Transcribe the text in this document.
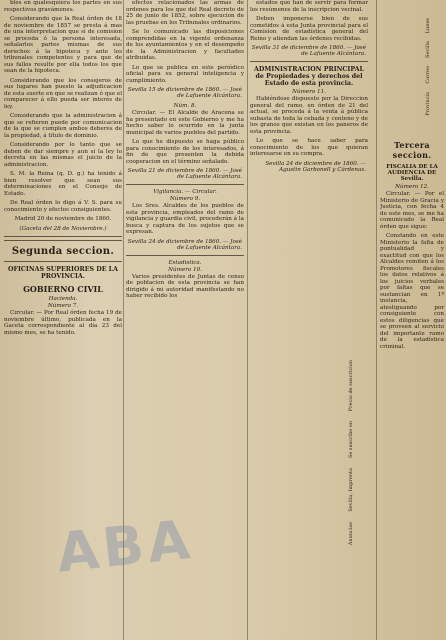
bles en qualesquiera los partes en sus respectivos gravámenes.

Considerando que la Real órden de 18 de noviembre de 1857 se presta á mas de una interpretacion que si de comision se proceda ó la persona interesada, señalarlos partes mismas de sus derechos á la hipoteca y ante los tribunales competentes y para que de sus fallos resulte por ella todos los que sean de la hipoteca.

Considerando que los consejeros de sus lugares han puesto la adjudicacion de esta suerte en que se realizan ó que el comparecer á ello pueda ser interés de ley.

Considerando que la administracion á que se refieren puede por comunicacion de la que se cumplen ambos deberes de la propiedad, á título de dominio.

Considerando por lo tanto que se deben de dar siempre y aun si la ley lo decreta en las mismas el juicio de la administracion.

S. M. la Reina (q. D. g.) ha tenido á bien resolver que sean sus determinaciones en el Consejo de Estado.

De Real órden lo digo á V. S. para su conocimiento y efectos consiguientes.

Madrid 20 de noviembre de 1860.
(Gaceta del 28 de Noviembre.)
Segunda seccion.
OFICINAS SUPERIORES DE LA PROVINCIA.
GOBIERNO CIVIL
Hacienda.
Número 7.

Circular. — Por Real órden fecha 19 de noviembre último, publicada en la Gaceta correspondiente al día 23 del mismo mes, se ha tenido.

efectos relacionados las armas de ordenes para los que del Real decreto de 25 de junio de 1852, sobre ejecucion de las pruebas en los Tribunales ordinarios.

Se lo comunicado las disposiciones comprendidas en la vigente ordenanza de los ayuntamientos y en el desempeño de la Administracion y facultades atribuidas.

Lo que se publica en este periódico oficial para su general inteligencia y cumplimiento.

Sevilla 15 de diciembre de 1860. — José de Lafuente Alcántara.
Núm. 8.

Circular. — El Alcalde de Aracena se ha presentado en este Gobierno y me ha hecho saber lo ocurrido en la junta municipal de varios pueblos del partido.

Lo que he dispuesto se haga público para conocimiento de los interesados, á fin de que presenten la debida cooperacion en el término señalado.

Sevilla 21 de diciembre de 1860. — José de Lafuente Alcántara.
Vigilancia. — Circular.
Número 9.

Los Sres. Alcaldes de los pueblos de esta provincia, empleados del ramo de vigilancia y guardia civil, procederán á la busca y captura de los sujetos que se expresan.

Sevilla 24 de diciembre de 1860. — José de Lafuente Alcántara.
Estadistica.
Número 10.

Varios presidentes de Juntas de censo de poblacion de esta provincia se han dirigido á mi autoridad manifestando no haber recibido los

estados que han de servir para formar los resúmenes de la inscripcion vecinal.

Deben imponerse bien de sus cometidos á esta Junta provincial para el Comision de estadística general del Reino y atiendan las órdenes recibidas.

Sevilla 31 de diciembre de 1860. — José de Lafuente Alcántara.
ADMINISTRACION PRINCIPAL de Propiedades y derechos del Estado de esta provincia.
Número 11.

Habiéndose dispuesto por la Direccion general del ramo, en órden de 21 del actual, se proceda á la venta á pública subasta de toda la cebada y centeno y de los granos que existan en los paneros de esta provincia.

Lo que se hace saber para conocimiento de los que quieran interesarse en su compra.

Sevilla 24 de diciembre de 1860. — Agustin Garbonell y Cárdenas.
Precio de suscricion
Se suscribe en
Sevilla, Imprenta
Anuncios
Tercera seccion.
FISCALIA DE LA AUDIENCIA DE Sevilla.
Número 12.

Circular. — Por el Ministerio de Gracia y Justicia, con fecha 4 de este mes, se me ha comunicado la Real órden que sigue:

Constando en este Ministerio la falta de puntualidad y exactitud con que los Alcaldes remiten á los Promotores fiscales los datos relativos á los juicios verbales por faltas que se sustancian en 1ª instancia, atestiguando por consiguiente con estos diligencias que se proveen al servicio del importante ramo de la estadística criminal.

Lunes
Sevilla
Correo
Provincia
ABA
